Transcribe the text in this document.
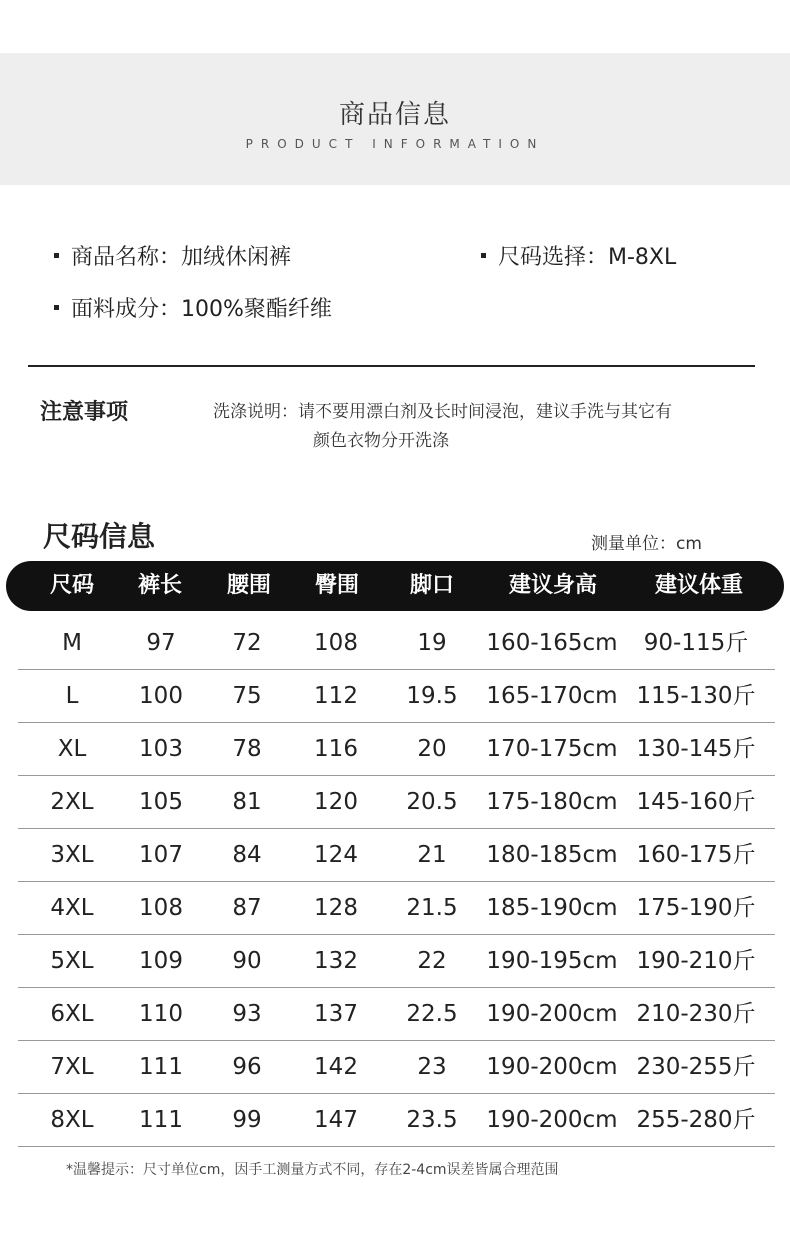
商品信息
PRODUCT INFORMATION
商品名称：加绒休闲裤	尺码选择：M-8XL
面料成分：100%聚酯纤维
注意事项	洗涤说明：请不要用漂白剂及长时间浸泡，建议手洗与其它有
颜色衣物分开洗涤
尺码信息	测量单位：cm
尺码 裤长 腰围 臀围 脚口 建议身高	建议体重
M	97 72 108	19 160-165cm 90-115斤
L	100 75 112 19.5 165-170cm 115-130斤
XL 103 78 116	20 170-175cm 130-145斤
2XL 105 81 120 20.5 175-180cm 145-160斤
3XL 107 84 124	21 180-185cm 160-175斤
4XL 108 87 128 21.5 185-190cm 175-190斤
5XL 109 90 132	22 190-195cm 190-210斤
6XL 110 93 137 22.5 190-200cm 210-230斤
7XL 111 96 142	23 190-200cm 230-255斤
8XL 111 99 147 23.5 190-200cm 255-280斤
*温馨提示：尺寸单位cm，因手工测量方式不同，存在2-4cm误差皆属合理范围
